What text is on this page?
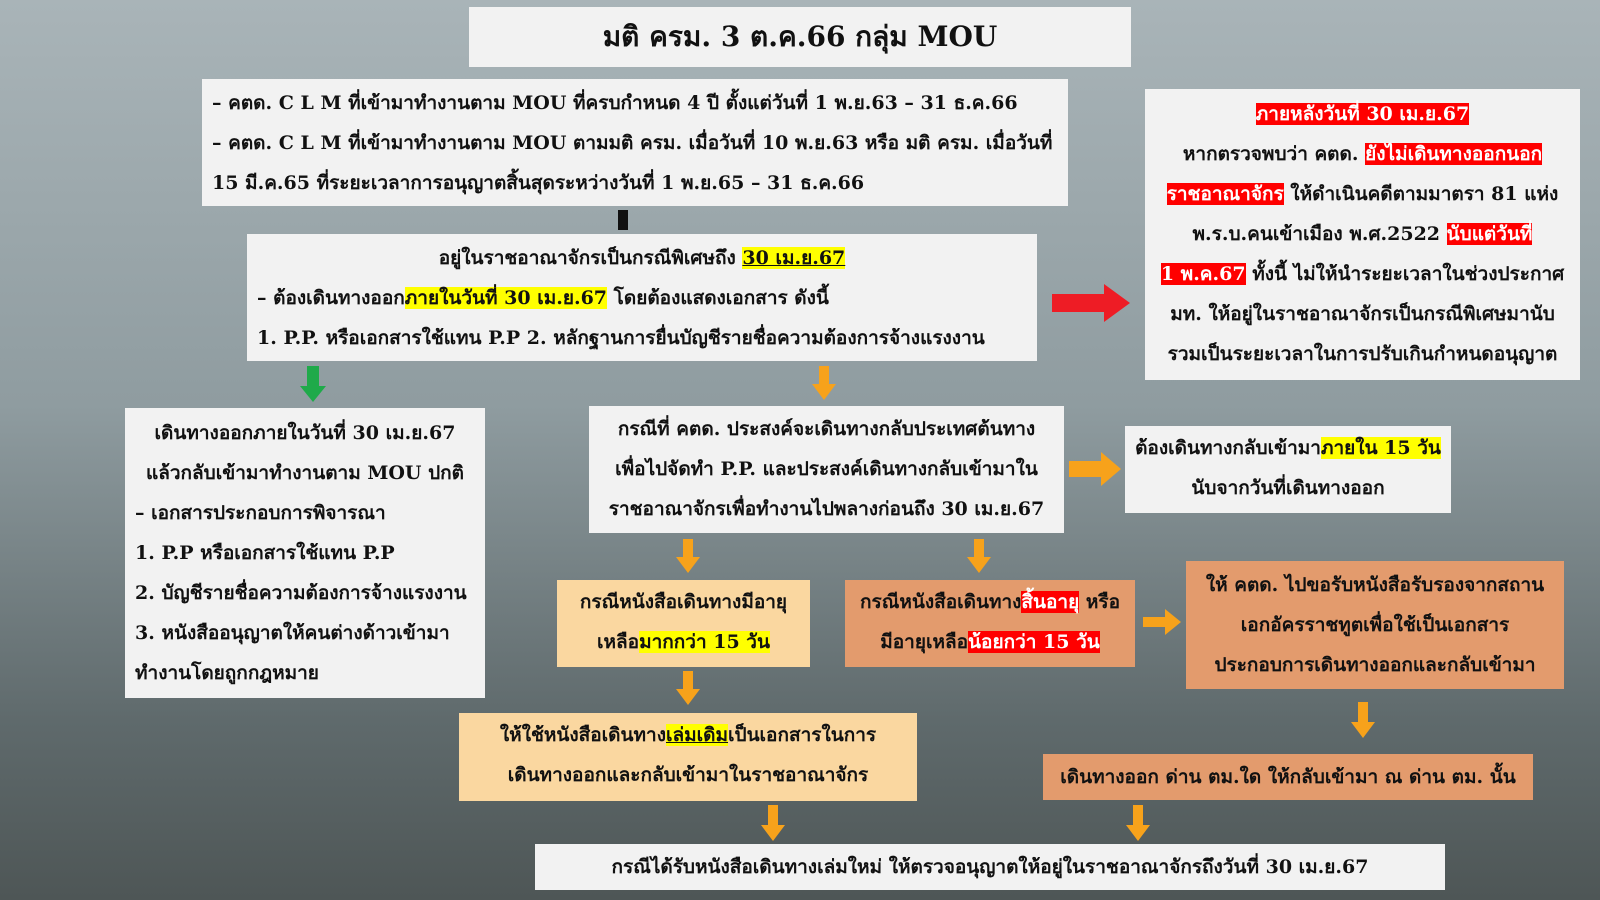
มติ ครม. 3 ต.ค.66 กลุ่ม MOU
– คตด. C L M ที่เข้ามาทำงานตาม MOU ที่ครบกำหนด 4 ปี ตั้งแต่วันที่ 1 พ.ย.63 – 31 ธ.ค.66
– คตด. C L M ที่เข้ามาทำงานตาม MOU ตามมติ ครม. เมื่อวันที่ 10 พ.ย.63 หรือ มติ ครม. เมื่อวันที่
15 มี.ค.65 ที่ระยะเวลาการอนุญาตสิ้นสุดระหว่างวันที่ 1 พ.ย.65 – 31 ธ.ค.66
อยู่ในราชอาณาจักรเป็นกรณีพิเศษถึง 30 เม.ย.67
– ต้องเดินทางออกภายในวันที่ 30 เม.ย.67 โดยต้องแสดงเอกสาร ดังนี้
1. P.P. หรือเอกสารใช้แทน P.P 2. หลักฐานการยื่นบัญชีรายชื่อความต้องการจ้างแรงงาน
ภายหลังวันที่ 30 เม.ย.67
หากตรวจพบว่า คตด. ยังไม่เดินทางออกนอก
ราชอาณาจักร ให้ดำเนินคดีตามมาตรา 81 แห่ง
พ.ร.บ.คนเข้าเมือง พ.ศ.2522 นับแต่วันที่
1 พ.ค.67 ทั้งนี้ ไม่ให้นำระยะเวลาในช่วงประกาศ
มท. ให้อยู่ในราชอาณาจักรเป็นกรณีพิเศษมานับ
รวมเป็นระยะเวลาในการปรับเกินกำหนดอนุญาต
เดินทางออกภายในวันที่ 30 เม.ย.67
แล้วกลับเข้ามาทำงานตาม MOU ปกติ
– เอกสารประกอบการพิจารณา
1. P.P หรือเอกสารใช้แทน P.P
2. บัญชีรายชื่อความต้องการจ้างแรงงาน
3. หนังสืออนุญาตให้คนต่างด้าวเข้ามา
ทำงานโดยถูกกฎหมาย
กรณีที่ คตด. ประสงค์จะเดินทางกลับประเทศต้นทาง
เพื่อไปจัดทำ P.P. และประสงค์เดินทางกลับเข้ามาใน
ราชอาณาจักรเพื่อทำงานไปพลางก่อนถึง 30 เม.ย.67
ต้องเดินทางกลับเข้ามาภายใน 15 วัน
นับจากวันที่เดินทางออก
กรณีหนังสือเดินทางมีอายุ
เหลือมากกว่า 15 วัน
กรณีหนังสือเดินทางสิ้นอายุ หรือ
มีอายุเหลือน้อยกว่า 15 วัน
ให้ คตด. ไปขอรับหนังสือรับรองจากสถาน
เอกอัครราชทูตเพื่อใช้เป็นเอกสาร
ประกอบการเดินทางออกและกลับเข้ามา
ให้ใช้หนังสือเดินทางเล่มเดิมเป็นเอกสารในการ
เดินทางออกและกลับเข้ามาในราชอาณาจักร	เดินทางออก ด่าน ตม.ใด ให้กลับเข้ามา ณ ด่าน ตม. นั้น
กรณีได้รับหนังสือเดินทางเล่มใหม่ ให้ตรวจอนุญาตให้อยู่ในราชอาณาจักรถึงวันที่ 30 เม.ย.67
